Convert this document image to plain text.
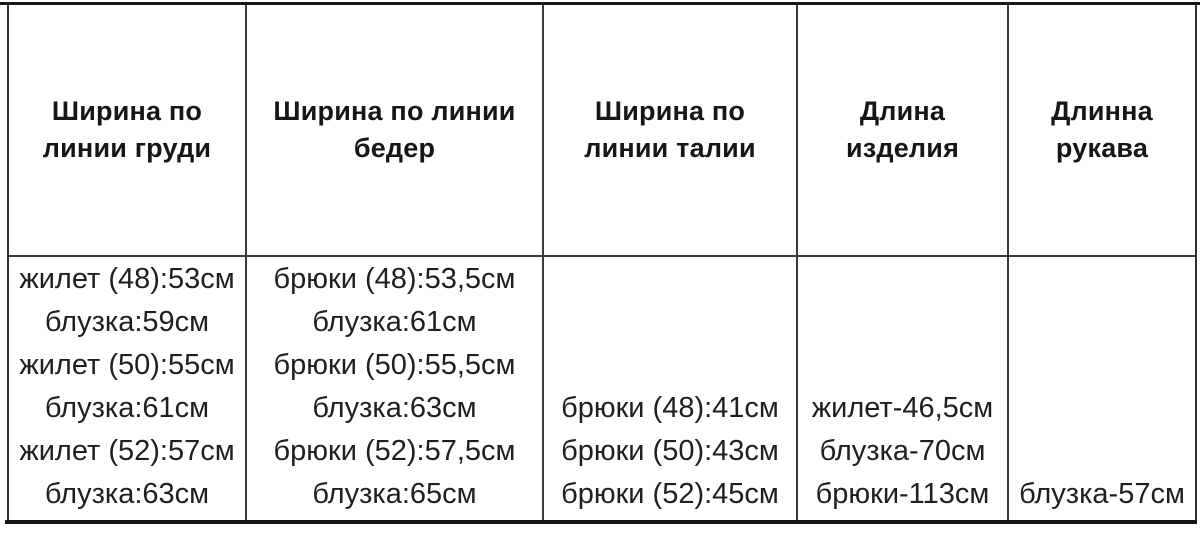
Ширина по
линии груди
жилет (48):53см
блузка:59см
жилет (50):55см
блузка:61см
жилет (52):57см
блузка:63см
Ширина по линии
бедер
брюки (48):53,5см
блузка:61см
брюки (50):55,5см
блузка:63см
брюки (52):57,5см
блузка:65см
Ширина по
линии талии
брюки (48):41см
брюки (50):43см
брюки (52):45см
Длина
изделия
жилет-46,5см
блузка-70см
брюки-113см
Длинна
рукава
блузка-57см
